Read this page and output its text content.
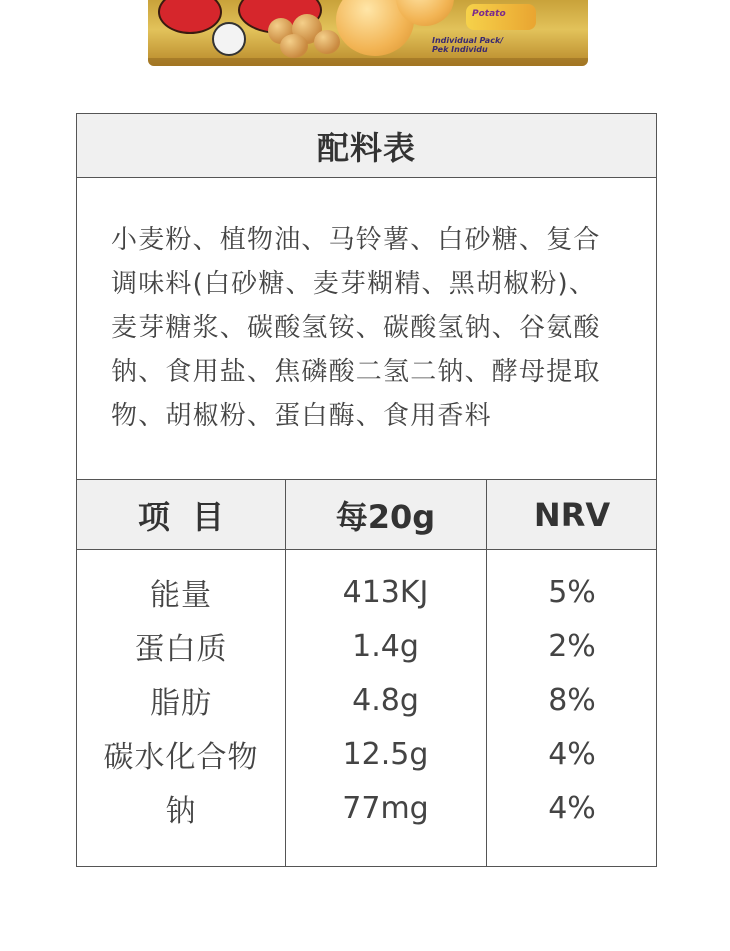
Potato
Individual Pack/
Pek Individu
配料表

小麦粉、植物油、马铃薯、白砂糖、复合

调味料(白砂糖、麦芽糊精、黑胡椒粉)、

麦芽糖浆、碳酸氢铵、碳酸氢钠、谷氨酸

钠、食用盐、焦磷酸二氢二钠、酵母提取

物、胡椒粉、蛋白酶、食用香料

项目	每20g	NRV
能量	413KJ	5%
蛋白质	1.4g	2%
脂肪	4.8g	8%
碳水化合物	12.5g	4%
钠	77mg	4%
